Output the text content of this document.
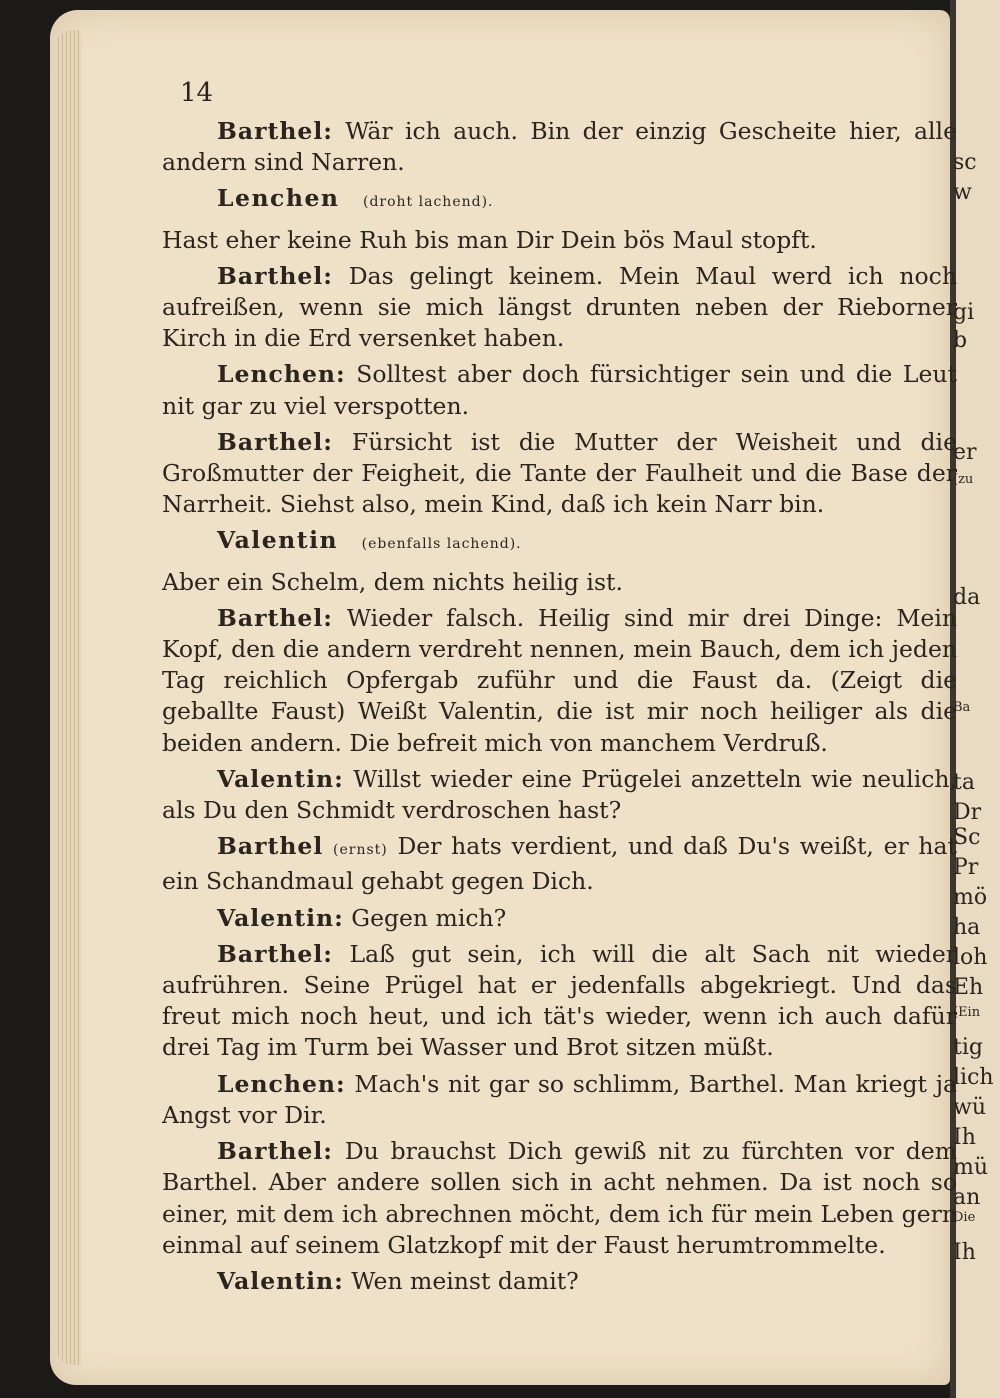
14

Barthel: Wär ich auch. Bin der einzig Gescheite hier, alle andern sind Narren.

Lenchen  (droht lachend).

Hast eher keine Ruh bis man Dir Dein bös Maul stopft.

Barthel: Das gelingt keinem. Mein Maul werd ich noch aufreißen, wenn sie mich längst drunten neben der Rieborner Kirch in die Erd versenket haben.

Lenchen: Solltest aber doch fürsichtiger sein und die Leut nit gar zu viel verspotten.

Barthel: Fürsicht ist die Mutter der Weisheit und die Großmutter der Feigheit, die Tante der Faulheit und die Base der Narrheit. Siehst also, mein Kind, daß ich kein Narr bin.

Valentin  (ebenfalls lachend).

Aber ein Schelm, dem nichts heilig ist.

Barthel: Wieder falsch. Heilig sind mir drei Dinge: Mein Kopf, den die andern verdreht nennen, mein Bauch, dem ich jeden Tag reichlich Opfergab zuführ und die Faust da. (Zeigt die geballte Faust) Weißt Valentin, die ist mir noch heiliger als die beiden andern. Die befreit mich von manchem Verdruß.

Valentin: Willst wieder eine Prügelei anzetteln wie neulich, als Du den Schmidt verdroschen hast?

Barthel (ernst) Der hats verdient, und daß Du's weißt, er hat ein Schandmaul gehabt gegen Dich.

Valentin: Gegen mich?

Barthel: Laß gut sein, ich will die alt Sach nit wieder aufrühren. Seine Prügel hat er jedenfalls abgekriegt. Und das freut mich noch heut, und ich tät's wieder, wenn ich auch dafür drei Tag im Turm bei Wasser und Brot sitzen müßt.

Lenchen: Mach's nit gar so schlimm, Barthel. Man kriegt ja Angst vor Dir.

Barthel: Du brauchst Dich gewiß nit zu fürchten vor dem Barthel. Aber andere sollen sich in acht nehmen. Da ist noch so einer, mit dem ich abrechnen möcht, dem ich für mein Leben gern einmal auf seinem Glatzkopf mit der Faust herumtrommelte.

Valentin: Wen meinst damit?

sc
w
gi
b
er
(zu
da
Ba
ta
Dr
Sc
Pr
mö
ha
loh
Eh
(Ein
tig
lich
wü
Ih
mü
an
Die
Ih
